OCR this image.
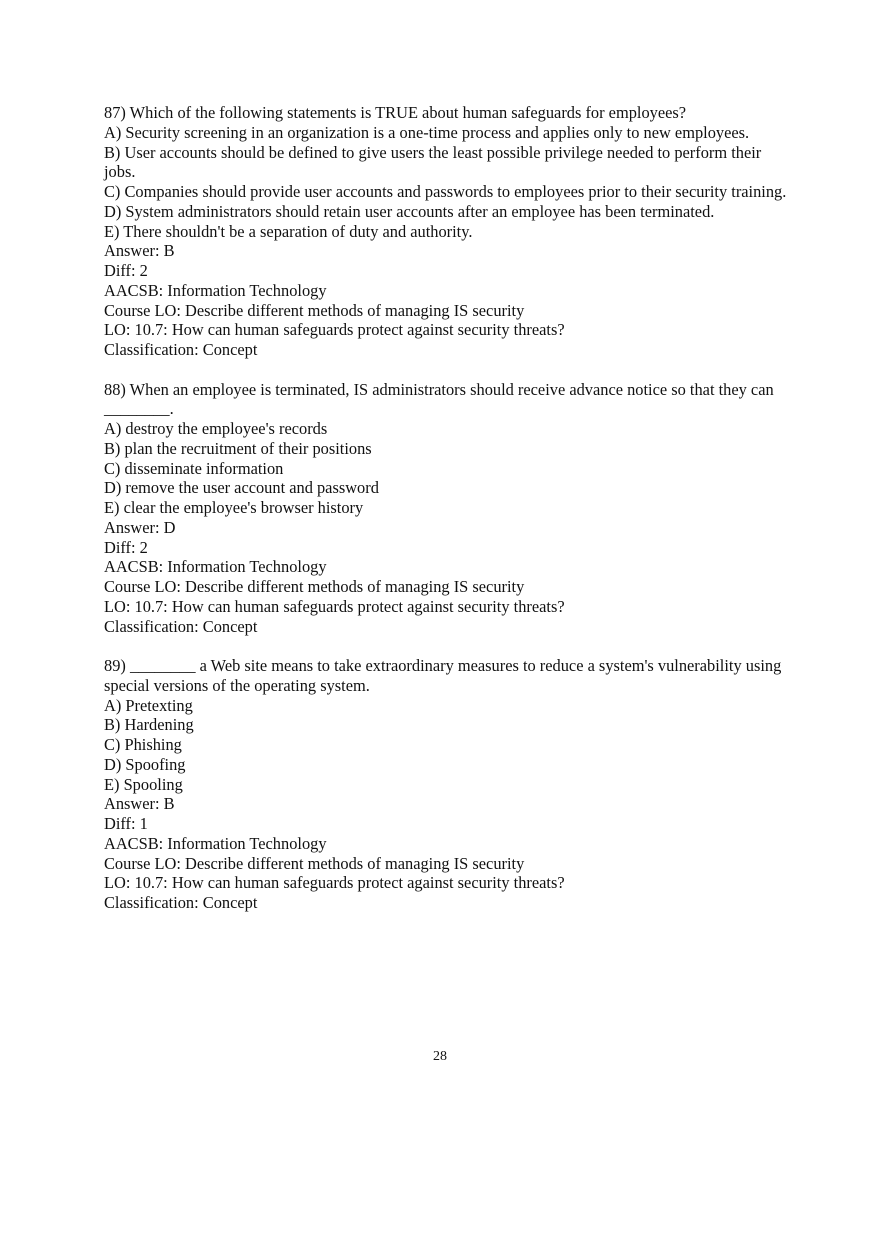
87) Which of the following statements is TRUE about human safeguards for employees?
A) Security screening in an organization is a one-time process and applies only to new employees.
B) User accounts should be defined to give users the least possible privilege needed to perform their jobs.
C) Companies should provide user accounts and passwords to employees prior to their security training.
D) System administrators should retain user accounts after an employee has been terminated.
E) There shouldn't be a separation of duty and authority.
Answer: B
Diff: 2
AACSB: Information Technology
Course LO: Describe different methods of managing IS security
LO: 10.7: How can human safeguards protect against security threats?
Classification: Concept
88) When an employee is terminated, IS administrators should receive advance notice so that they can ________.
A) destroy the employee's records
B) plan the recruitment of their positions
C) disseminate information
D) remove the user account and password
E) clear the employee's browser history
Answer: D
Diff: 2
AACSB: Information Technology
Course LO: Describe different methods of managing IS security
LO: 10.7: How can human safeguards protect against security threats?
Classification: Concept
89) ________ a Web site means to take extraordinary measures to reduce a system's vulnerability using special versions of the operating system.
A) Pretexting
B) Hardening
C) Phishing
D) Spoofing
E) Spooling
Answer: B
Diff: 1
AACSB: Information Technology
Course LO: Describe different methods of managing IS security
LO: 10.7: How can human safeguards protect against security threats?
Classification: Concept
28
